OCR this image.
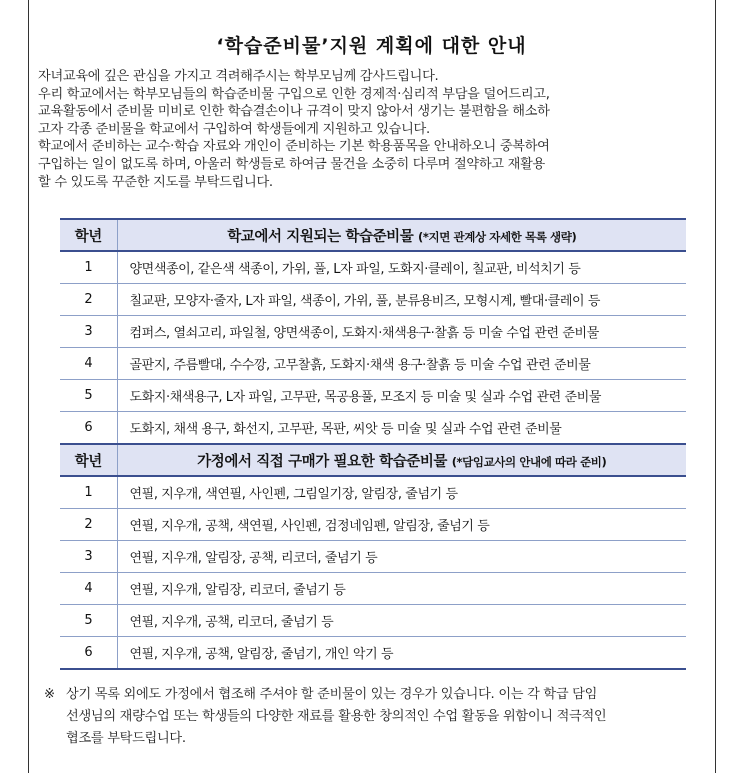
‘학습준비물’지원 계획에 대한 안내

자녀교육에 깊은 관심을 가지고 격려해주시는 학부모님께 감사드립니다.

우리 학교에서는 학부모님들의 학습준비물 구입으로 인한 경제적·심리적 부담을 덜어드리고,

교육활동에서 준비물 미비로 인한 학습결손이나 규격이 맞지 않아서 생기는 불편함을 해소하

고자 각종 준비물을 학교에서 구입하여 학생들에게 지원하고 있습니다.

학교에서 준비하는 교수·학습 자료와 개인이 준비하는 기본 학용품목을 안내하오니 중복하여

구입하는 일이 없도록 하며, 아울러 학생들로 하여금 물건을 소중히 다루며 절약하고 재활용

할 수 있도록 꾸준한 지도를 부탁드립니다.

학년	학교에서 지원되는 학습준비물 (*지면 관계상 자세한 목록 생략)
1	양면색종이, 같은색 색종이, 가위, 풀, L자 파일, 도화지·클레이, 칠교판, 비석치기 등
2	칠교판, 모양자·줄자, L자 파일, 색종이, 가위, 풀, 분류용비즈, 모형시계, 빨대·클레이 등
3	컴퍼스, 열쇠고리, 파일철, 양면색종이, 도화지·채색용구·찰흙 등 미술 수업 관련 준비물
4	골판지, 주름빨대, 수수깡, 고무찰흙, 도화지·채색 용구·찰흙 등 미술 수업 관련 준비물
5	도화지·채색용구, L자 파일, 고무판, 목공용풀, 모조지 등 미술 및 실과 수업 관련 준비물
6	도화지, 채색 용구, 화선지, 고무판, 목판, 씨앗 등 미술 및 실과 수업 관련 준비물
학년	가정에서 직접 구매가 필요한 학습준비물 (*담임교사의 안내에 따라 준비)
1	연필, 지우개, 색연필, 사인펜, 그림일기장, 알림장, 줄넘기 등
2	연필, 지우개, 공책, 색연필, 사인펜, 검정네임펜, 알림장, 줄넘기 등
3	연필, 지우개, 알림장, 공책, 리코더, 줄넘기 등
4	연필, 지우개, 알림장, 리코더, 줄넘기 등
5	연필, 지우개, 공책, 리코더, 줄넘기 등
6	연필, 지우개, 공책, 알림장, 줄넘기, 개인 악기 등
※ 상기 목록 외에도 가정에서 협조해 주셔야 할 준비물이 있는 경우가 있습니다. 이는 각 학급 담임
선생님의 재량수업 또는 학생들의 다양한 재료를 활용한 창의적인 수업 활동을 위함이니 적극적인
협조를 부탁드립니다.
